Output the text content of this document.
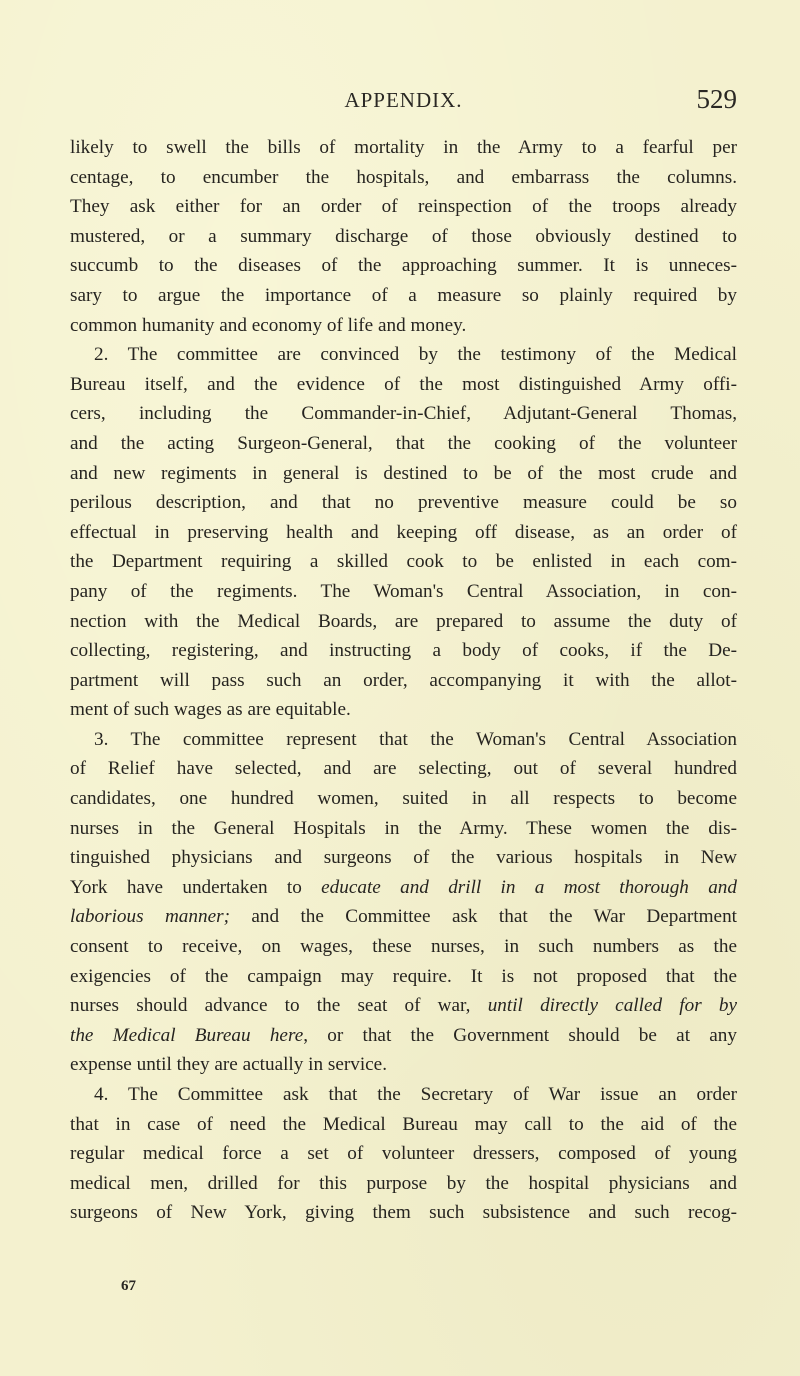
APPENDIX.	529
likely to swell the bills of mortality in the Army to a fearful per
centage, to encumber the hospitals, and embarrass the columns.
They ask either for an order of reinspection of the troops already
mustered, or a summary discharge of those obviously destined to
succumb to the diseases of the approaching summer. It is unneces-
sary to argue the importance of a measure so plainly required by
common humanity and economy of life and money.
2. The committee are convinced by the testimony of the Medical
Bureau itself, and the evidence of the most distinguished Army offi-
cers, including the Commander-in-Chief, Adjutant-General Thomas,
and the acting Surgeon-General, that the cooking of the volunteer
and new regiments in general is destined to be of the most crude and
perilous description, and that no preventive measure could be so
effectual in preserving health and keeping off disease, as an order of
the Department requiring a skilled cook to be enlisted in each com-
pany of the regiments. The Woman's Central Association, in con-
nection with the Medical Boards, are prepared to assume the duty of
collecting, registering, and instructing a body of cooks, if the De-
partment will pass such an order, accompanying it with the allot-
ment of such wages as are equitable.
3. The committee represent that the Woman's Central Association
of Relief have selected, and are selecting, out of several hundred
candidates, one hundred women, suited in all respects to become
nurses in the General Hospitals in the Army. These women the dis-
tinguished physicians and surgeons of the various hospitals in New
York have undertaken to educate and drill in a most thorough and
laborious manner; and the Committee ask that the War Department
consent to receive, on wages, these nurses, in such numbers as the
exigencies of the campaign may require. It is not proposed that the
nurses should advance to the seat of war, until directly called for by
the Medical Bureau here, or that the Government should be at any
expense until they are actually in service.
4. The Committee ask that the Secretary of War issue an order
that in case of need the Medical Bureau may call to the aid of the
regular medical force a set of volunteer dressers, composed of young
medical men, drilled for this purpose by the hospital physicians and
surgeons of New York, giving them such subsistence and such recog-
67
